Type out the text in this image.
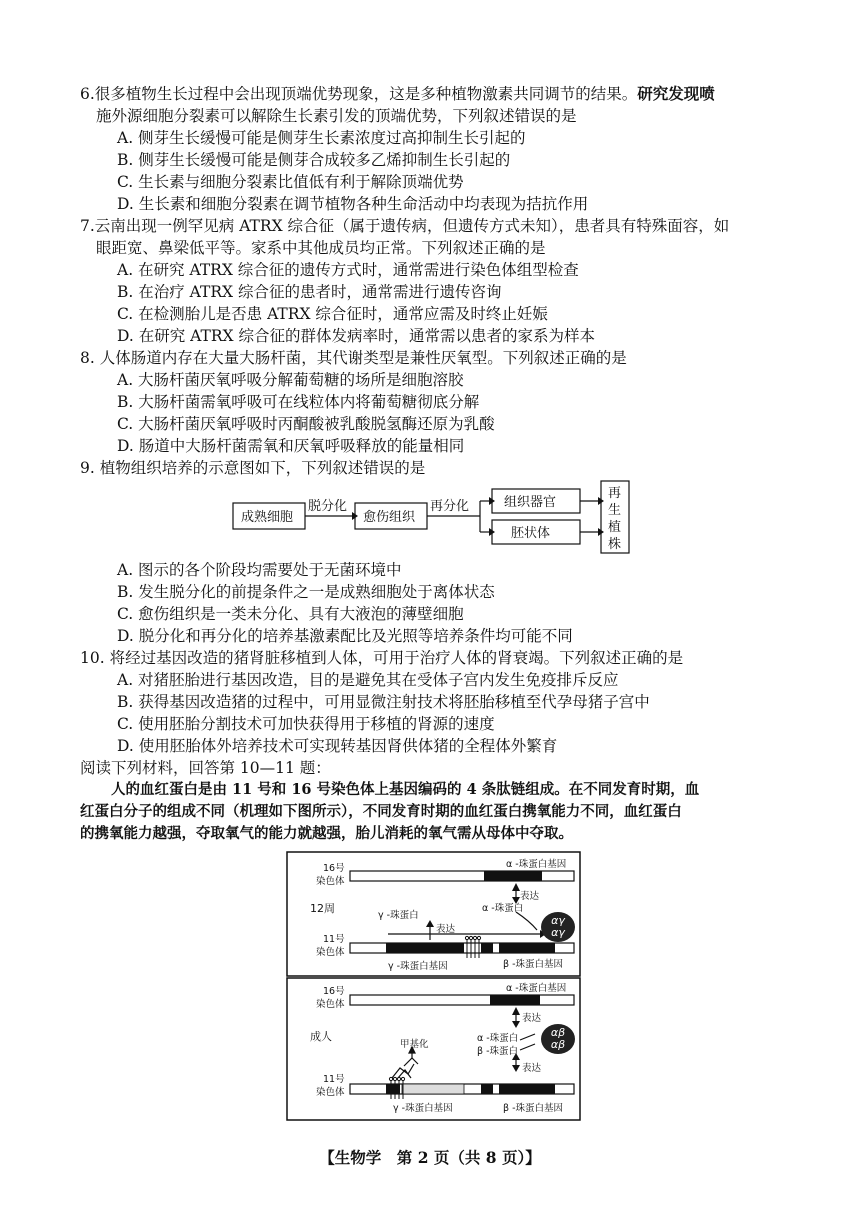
6.很多植物生长过程中会出现顶端优势现象，这是多种植物激素共同调节的结果。研究发现喷
施外源细胞分裂素可以解除生长素引发的顶端优势，下列叙述错误的是
A. 侧芽生长缓慢可能是侧芽生长素浓度过高抑制生长引起的
B. 侧芽生长缓慢可能是侧芽合成较多乙烯抑制生长引起的
C. 生长素与细胞分裂素比值低有利于解除顶端优势
D. 生长素和细胞分裂素在调节植物各种生命活动中均表现为拮抗作用
7.云南出现一例罕见病 ATRX 综合征（属于遗传病，但遗传方式未知），患者具有特殊面容，如
眼距宽、鼻梁低平等。家系中其他成员均正常。下列叙述正确的是
A. 在研究 ATRX 综合征的遗传方式时，通常需进行染色体组型检查
B. 在治疗 ATRX 综合征的患者时，通常需进行遗传咨询
C. 在检测胎儿是否患 ATRX 综合征时，通常应需及时终止妊娠
D. 在研究 ATRX 综合征的群体发病率时，通常需以患者的家系为样本
8. 人体肠道内存在大量大肠杆菌，其代谢类型是兼性厌氧型。下列叙述正确的是
A. 大肠杆菌厌氧呼吸分解葡萄糖的场所是细胞溶胶
B. 大肠杆菌需氧呼吸可在线粒体内将葡萄糖彻底分解
C. 大肠杆菌厌氧呼吸时丙酮酸被乳酸脱氢酶还原为乳酸
D. 肠道中大肠杆菌需氧和厌氧呼吸释放的能量相同
9. 植物组织培养的示意图如下，下列叙述错误的是
成熟细胞
脱分化
愈伤组织
再分化	组织器官
胚状体
再
生
植
株
A. 图示的各个阶段均需要处于无菌环境中
B. 发生脱分化的前提条件之一是成熟细胞处于离体状态
C. 愈伤组织是一类未分化、具有大液泡的薄壁细胞
D. 脱分化和再分化的培养基激素配比及光照等培养条件均可能不同
10. 将经过基因改造的猪肾脏移植到人体，可用于治疗人体的肾衰竭。下列叙述正确的是
A. 对猪胚胎进行基因改造，目的是避免其在受体子宫内发生免疫排斥反应
B. 获得基因改造猪的过程中，可用显微注射技术将胚胎移植至代孕母猪子宫中
C. 使用胚胎分割技术可加快获得用于移植的肾源的速度
D. 使用胚胎体外培养技术可实现转基因肾供体猪的全程体外繁育
阅读下列材料，回答第 10—11 题：
人的血红蛋白是由 11 号和 16 号染色体上基因编码的 4 条肽链组成。在不同发育时期，血
红蛋白分子的组成不同（机理如下图所示），不同发育时期的血红蛋白携氧能力不同，血红蛋白
的携氧能力越强，夺取氧气的能力就越强，胎儿消耗的氧气需从母体中夺取。
αγ
αγ
16号
染色体
α -珠蛋白基因
表达
α -珠蛋白
12周
γ -珠蛋白
表达
11号
染色体
γ -珠蛋白基因	β -珠蛋白基因
αβ
αβ
16号
染色体
α -珠蛋白基因
表达
成人
甲基化
α -珠蛋白
β -珠蛋白
表达
11号
染色体
γ -珠蛋白基因	β -珠蛋白基因
【生物学　第 2 页（共 8 页）】
